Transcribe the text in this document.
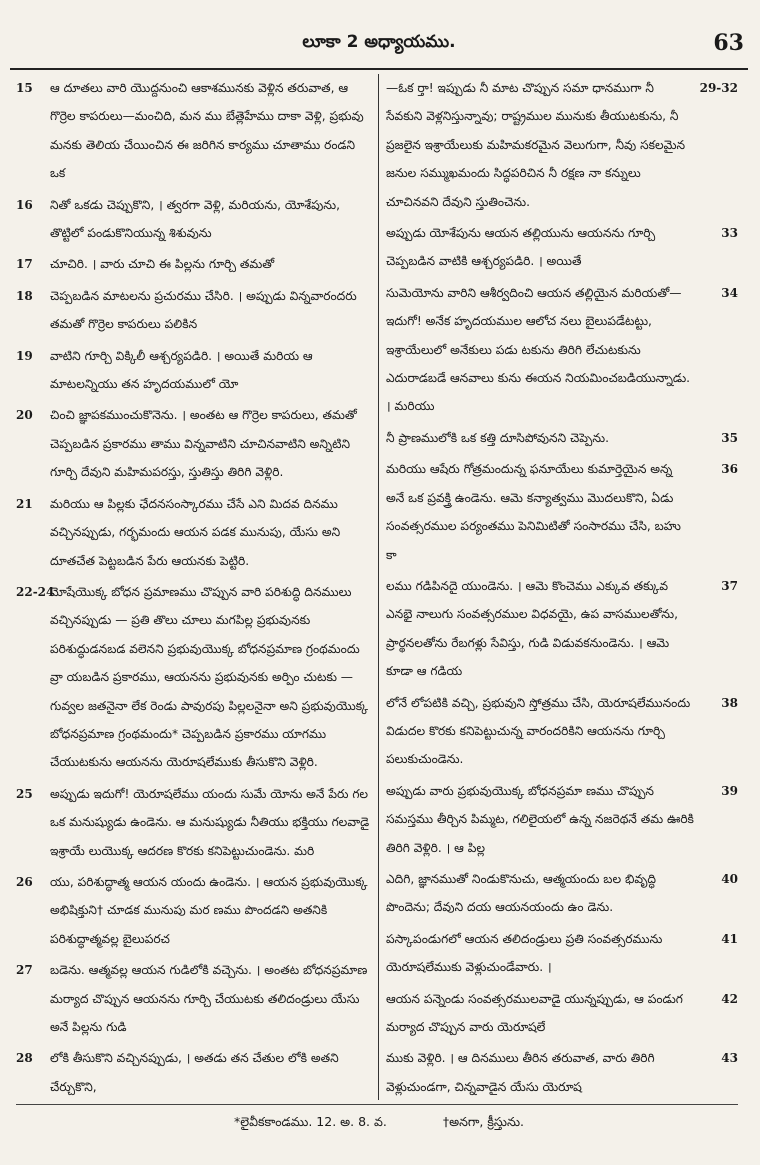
లూకా 2 అధ్యాయము.	63
15 ఆ దూతలు వారి యొద్దనుంచి ఆకాశమునకు వెళ్లిన తరువాత, ఆ గొర్రెల కాపరులు—మంచిది, మన ము బేత్లెహేము దాకా వెళ్లి, ప్రభువు మనకు తెలియ చేయించిన ఈ జరిగిన కార్యము చూతాము రండని ఒక
16 నితో ఒకడు చెప్పుకొని, । త్వరగా వెళ్లి, మరియను, యోశేపును, తొట్టిలో పండుకొనియున్న శిశువును
17 చూచిరి. । వారు చూచి ఈ పిల్లను గూర్చి తమతో
18 చెప్పబడిన మాటలను ప్రచురము చేసిరి. । అప్పుడు విన్నవారందరు తమతో గొర్రెల కాపరులు పలికిన
19 వాటిని గూర్చి విక్కిలీ ఆశ్చర్యపడిరి. । అయితే మరియ ఆ మాటలన్నియు తన హృదయములో యో
20 చించి జ్ఞాపకముంచుకొనెను. । అంతట ఆ గొర్రెల కాపరులు, తమతో చెప్పబడిన ప్రకారము తాము విన్నవాటిని చూచినవాటిని అన్నిటిని గూర్చి దేవుని మహిమపరస్తు, స్తుతిస్తు తిరిగి వెళ్లిరి.
21 మరియు ఆ పిల్లకు ఛేదనసంస్కారము చేసే ఎని మిదవ దినము వచ్చినప్పుడు, గర్భమందు ఆయన పడక మునుపు, యేసు అని దూతచేత పెట్టబడిన పేరు ఆయనకు పెట్టిరి.
22-24
మోషేయొక్క బోధన ప్రమాణము చొప్పున వారి పరిశుద్ధి దినములు వచ్చినప్పుడు — ప్రతి తొలు చూలు మగపిల్ల ప్రభువునకు పరిశుద్ధుడనబడ వలెనని ప్రభువుయొక్క బోధనప్రమాణ గ్రంథమందు వ్రా యబడిన ప్రకారము, ఆయనను ప్రభువునకు అర్పిం చుటకు — గువ్వల జతనైనా లేక రెండు పావురపు పిల్లలనైనా అని ప్రభువుయొక్క బోధనప్రమాణ గ్రంథమందు* చెప్పబడిన ప్రకారము యాగము చేయుటకును ఆయనను యెరూషలేముకు తీసుకొని వెళ్లిరి.
25 అప్పుడు ఇదుగో! యెరూషలేము యందు సుమే యోను అనే పేరు గల ఒక మనుష్యుడు ఉండెను. ఆ మనుష్యుడు నీతియు భక్తియు గలవాడై ఇశ్రాయే లుయొక్క ఆదరణ కొరకు కనిపెట్టుచుండెను. మరి
26 యు, పరిశుద్ధాత్మ ఆయన యందు ఉండెను. । ఆయన ప్రభువుయొక్క అభిషిక్తుని† చూడక మునుపు మర ణము పొందడని అతనికి పరిశుద్ధాత్మవల్ల బైలుపరచ
27 బడెను. ఆత్మవల్ల ఆయన గుడిలోకి వచ్చెను. । అంతట బోధనప్రమాణ మర్యాద చొప్పున ఆయనను గూర్చి చేయుటకు తలిదండ్రులు యేసు అనే పిల్లను గుడి
28 లోకి తీసుకొని వచ్చినప్పుడు, । అతడు తన చేతుల లోకి అతని చేర్చుకొని,
29-32
—ఓక ర్తా! ఇప్పుడు నీ మాట చొప్పున సమా ధానముగా నీ సేవకుని వెళ్లనిస్తున్నావు; రాష్ట్రముల మునుకు తీయుటకును, నీ ప్రజలైన ఇశ్రాయేలుకు మహిమకరమైన వెలుగుగా, నీవు సకలమైన జనుల సమ్ముఖమందు సిద్ధపరిచిన నీ రక్షణ నా కన్నులు చూచినవని దేవుని స్తుతించెను.
33
అప్పుడు యోశేపును ఆయన తల్లియును ఆయనను గూర్చి చెప్పబడిన వాటికి ఆశ్చర్యపడిరి. । అయితే
34
సుమెయోను వారిని ఆశీర్వదించి ఆయన తల్లియైన మరియతో—ఇదుగో! అనేక హృదయముల ఆలోచ నలు బైలుపడేటట్టు, ఇశ్రాయేలులో అనేకులు పడు టకును తిరిగి లేచుటకును ఎదురాడబడే ఆనవాలు కును ఈయన నియమించబడియున్నాడు. । మరియు
35
నీ ప్రాణములోకి ఒక కత్తి దూసిపోవునని చెప్పెను.
36
మరియు ఆషేరు గోత్రమందున్న ఫనూయేలు కుమార్తెయైన అన్న అనే ఒక ప్రవక్త్రి ఉండెను. ఆమె కన్యాత్వము మొదలుకొని, ఏడు సంవత్సరముల పర్యంతము పెనిమిటితో సంసారము చేసి, బహు కా
37
లము గడిపినదై యుండెను. । ఆమె కొంచెము ఎక్కువ తక్కువ ఎనభై నాలుగు సంవత్సరముల విధవయై, ఉప వాసములతోను, ప్రార్థనలతోను రేబగళ్లు సేవిస్తు, గుడి విడువకనుండెను. । ఆమె కూడా ఆ గడియ
38
లోనే లోపటికి వచ్చి, ప్రభువుని స్తోత్రము చేసి, యెరూషలేమునందు విడుదల కొరకు కనిపెట్టుచున్న వారందరికిని ఆయనను గూర్చి పలుకుచుండెను.
39
అప్పుడు వారు ప్రభువుయొక్క బోధనప్రమా ణము చొప్పున సమస్తము తీర్చిన పిమ్మట, గలిలైయలో ఉన్న నజరెథనే తమ ఊరికి తిరిగి వెళ్లిరి. । ఆ పిల్ల
40
ఎదిగి, జ్ఞానముతో నిండుకొనుచు, ఆత్మయందు బల భివృద్ధి పొందెను; దేవుని దయ ఆయనయందు ఉం డెను.
41
పస్కాపండుగలో ఆయన తలిదండ్రులు ప్రతి సంవత్సరమును యెరూషలేముకు వెళ్లుచుండేవారు. ।
42
ఆయన పన్నెండు సంవత్సరములవాడై యున్నప్పుడు, ఆ పండుగ మర్యాద చొప్పున వారు యెరూషలే
43
ముకు వెళ్లిరి. । ఆ దినములు తీరిన తరువాత, వారు తిరిగి వెళ్లుచుండగా, చిన్నవాడైన యేసు యెరూష
*లైవీకకాండము. 12. అ. 8. వ.	†అనగా, క్రీస్తును.
